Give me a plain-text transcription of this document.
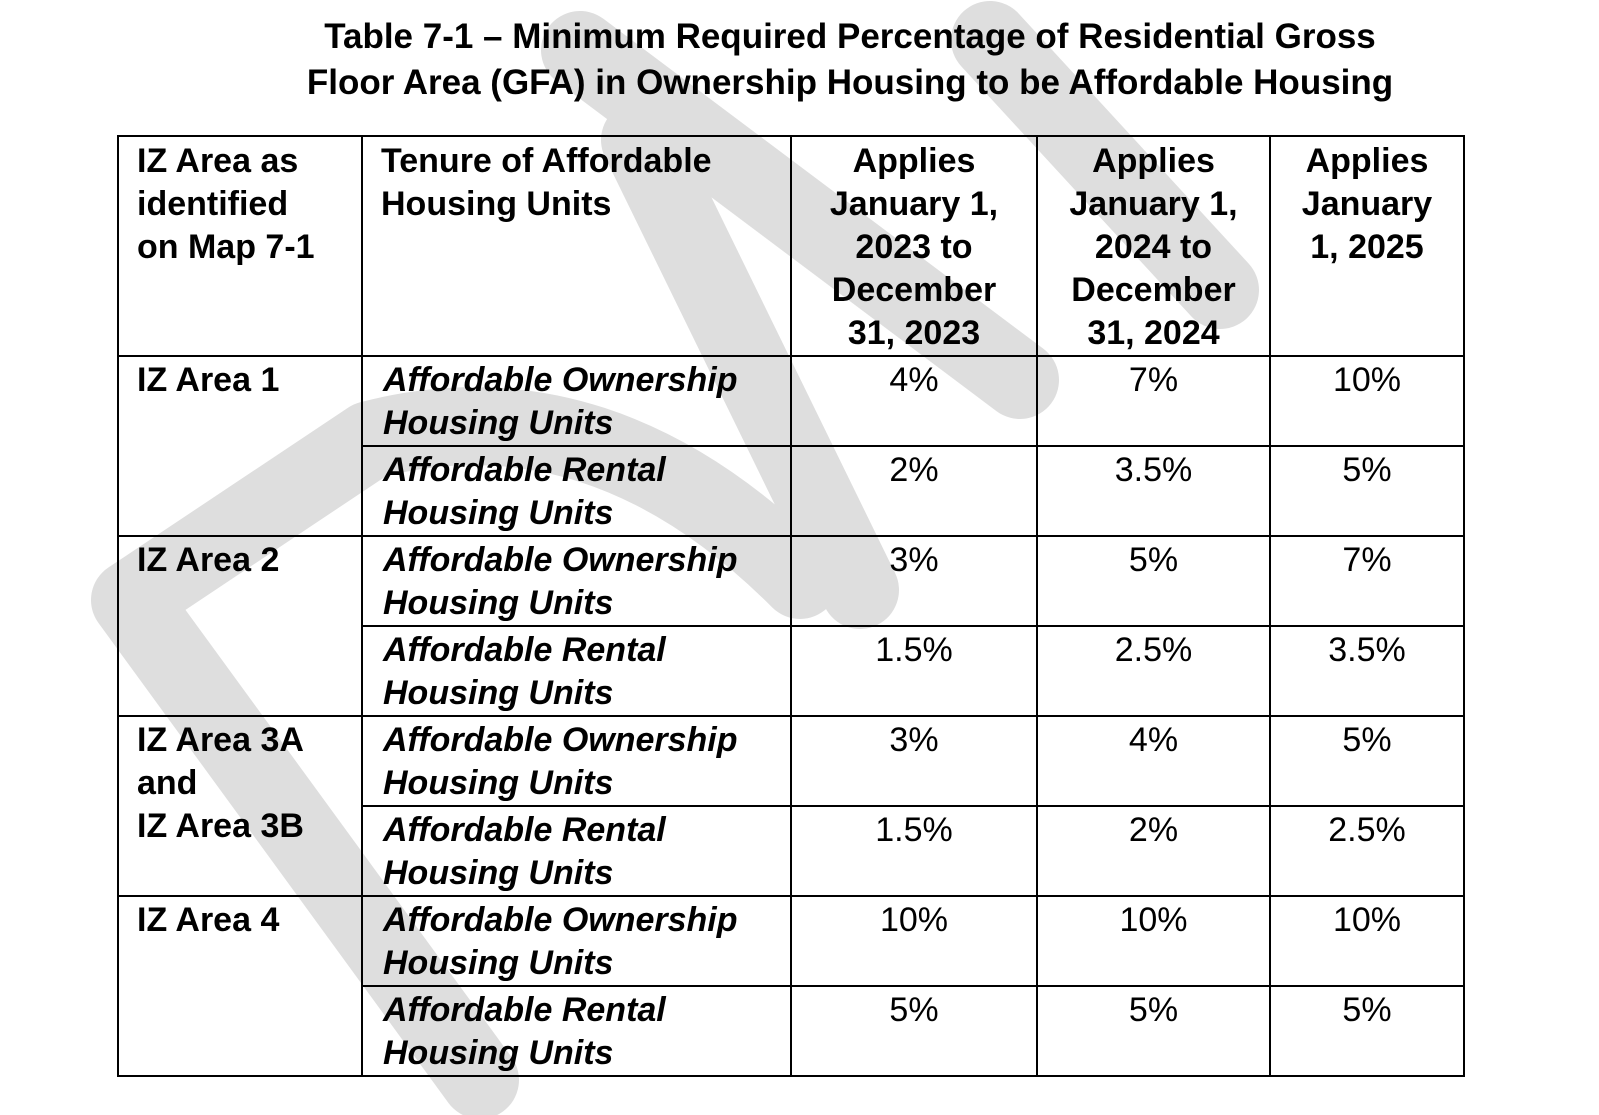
Table 7-1 – Minimum Required Percentage of Residential Gross
Floor Area (GFA) in Ownership Housing to be Affordable Housing
IZ Area as
identified
on Map 7-1	Tenure of Affordable
Housing Units	Applies
January 1,
2023 to
December
31, 2023	Applies
January 1,
2024 to
December
31, 2024	Applies
January
1, 2025

IZ Area 1	Affordable Ownership
Housing Units	4%	7%	10%

	Affordable Rental
Housing Units	2%	3.5%	5%

IZ Area 2	Affordable Ownership
Housing Units	3%	5%	7%

	Affordable Rental
Housing Units	1.5%	2.5%	3.5%

IZ Area 3A
and
IZ Area 3B	Affordable Ownership
Housing Units	3%	4%	5%

	Affordable Rental
Housing Units	1.5%	2%	2.5%

IZ Area 4	Affordable Ownership
Housing Units	10%	10%	10%

	Affordable Rental
Housing Units	5%	5%	5%
